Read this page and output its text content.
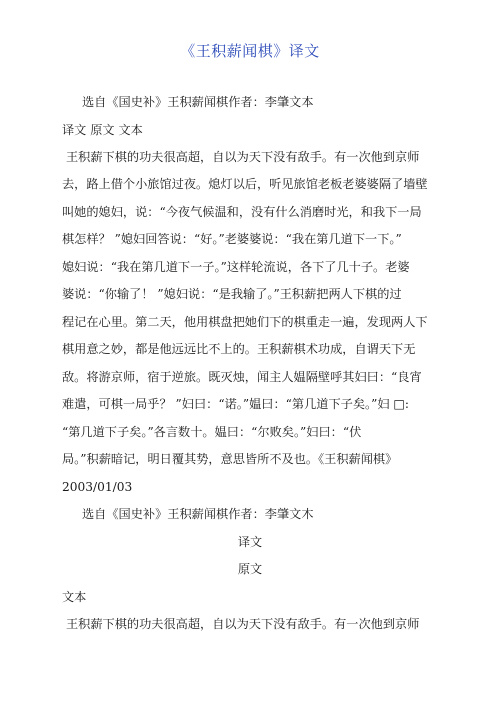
《王积薪闻棋》译文
选自《国史补》王积薪闻棋作者：李肇文本
译文 原文 文本
王积薪下棋的功夫很高超，自以为天下没有敌手。有一次他到京师
去，路上借个小旅馆过夜。熄灯以后，听见旅馆老板老婆婆隔了墙壁
叫她的媳妇，说：“今夜气候温和，没有什么消磨时光，和我下一局
棋怎样？ ”媳妇回答说：“好。”老婆婆说：“我在第几道下一下。”
媳妇说：“我在第几道下一子。”这样轮流说，各下了几十子。老婆
婆说：“你输了！ ”媳妇说：“是我输了。”王积薪把两人下棋的过
程记在心里。第二天，他用棋盘把她们下的棋重走一遍，发现两人下
棋用意之妙，都是他远远比不上的。王积薪棋术功成，自谓天下无
敌。将游京师，宿于逆旅。既灭烛，闻主人媪隔壁呼其妇曰：“良宵
难遣，可棋一局乎？ ”妇曰：“诺。”媪曰：“第几道下子矣。”妇 □:
“第几道下子矣。”各言数十。媪曰：“尔败矣。”妇曰：“伏
局。”积薪暗记，明日覆其势，意思皆所不及也。《王积薪闻棋》
2003/01/03
选自《国史补》王积薪闻棋作者：李肇文木
译文
原文
文本
王积薪下棋的功夫很高超，自以为天下没有敌手。有一次他到京师
